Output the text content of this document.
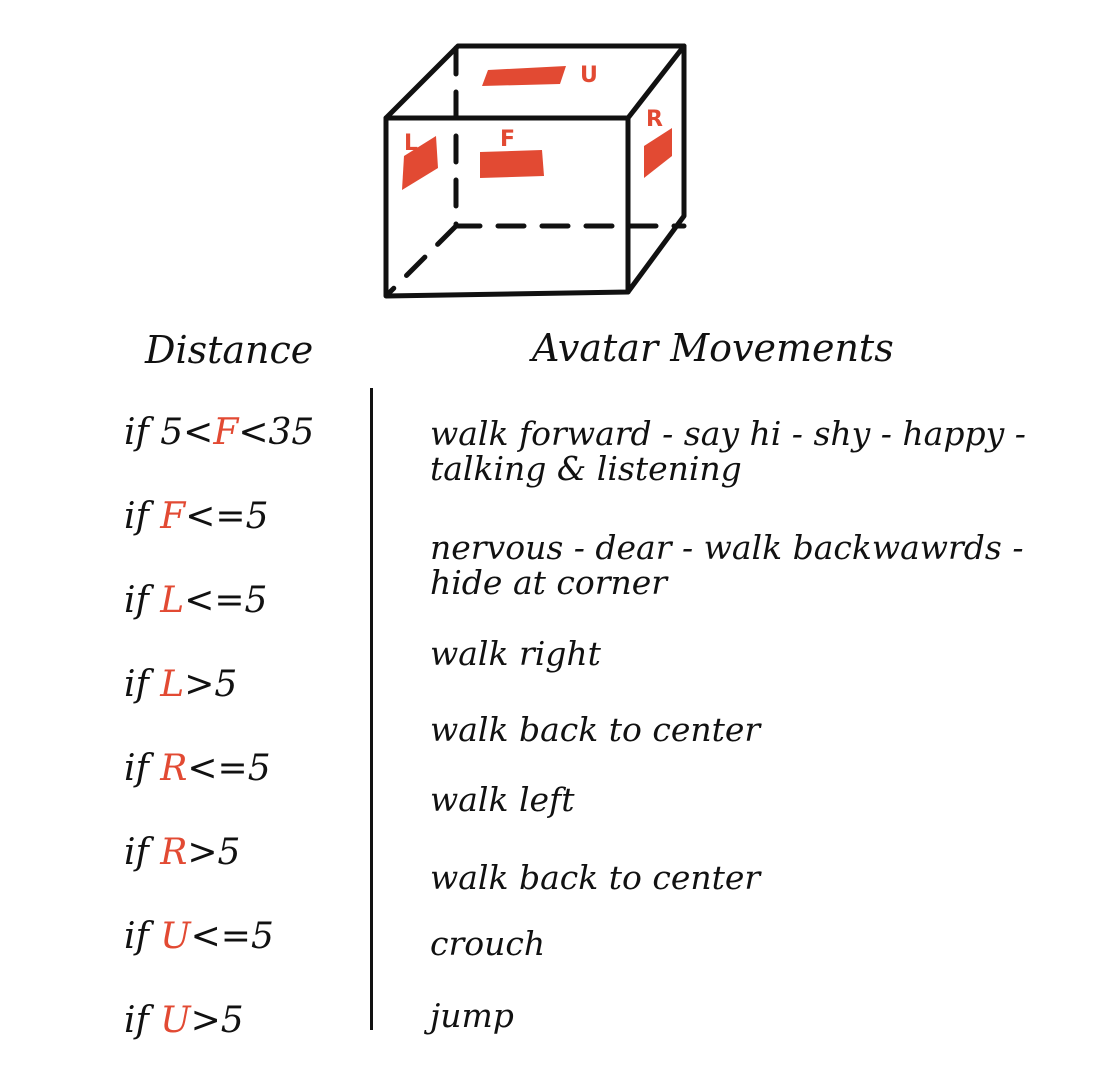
U
F
L
R
Distance	Avatar Movements
if 5<F<35
if F<=5
if L<=5
if L>5
if R<=5
if R>5
if U<=5
if U>5
walk forward - say hi - shy - happy -
talking & listening
nervous - dear - walk backwawrds -
hide at corner
walk right
walk back to center
walk left
walk back to center
crouch
jump
